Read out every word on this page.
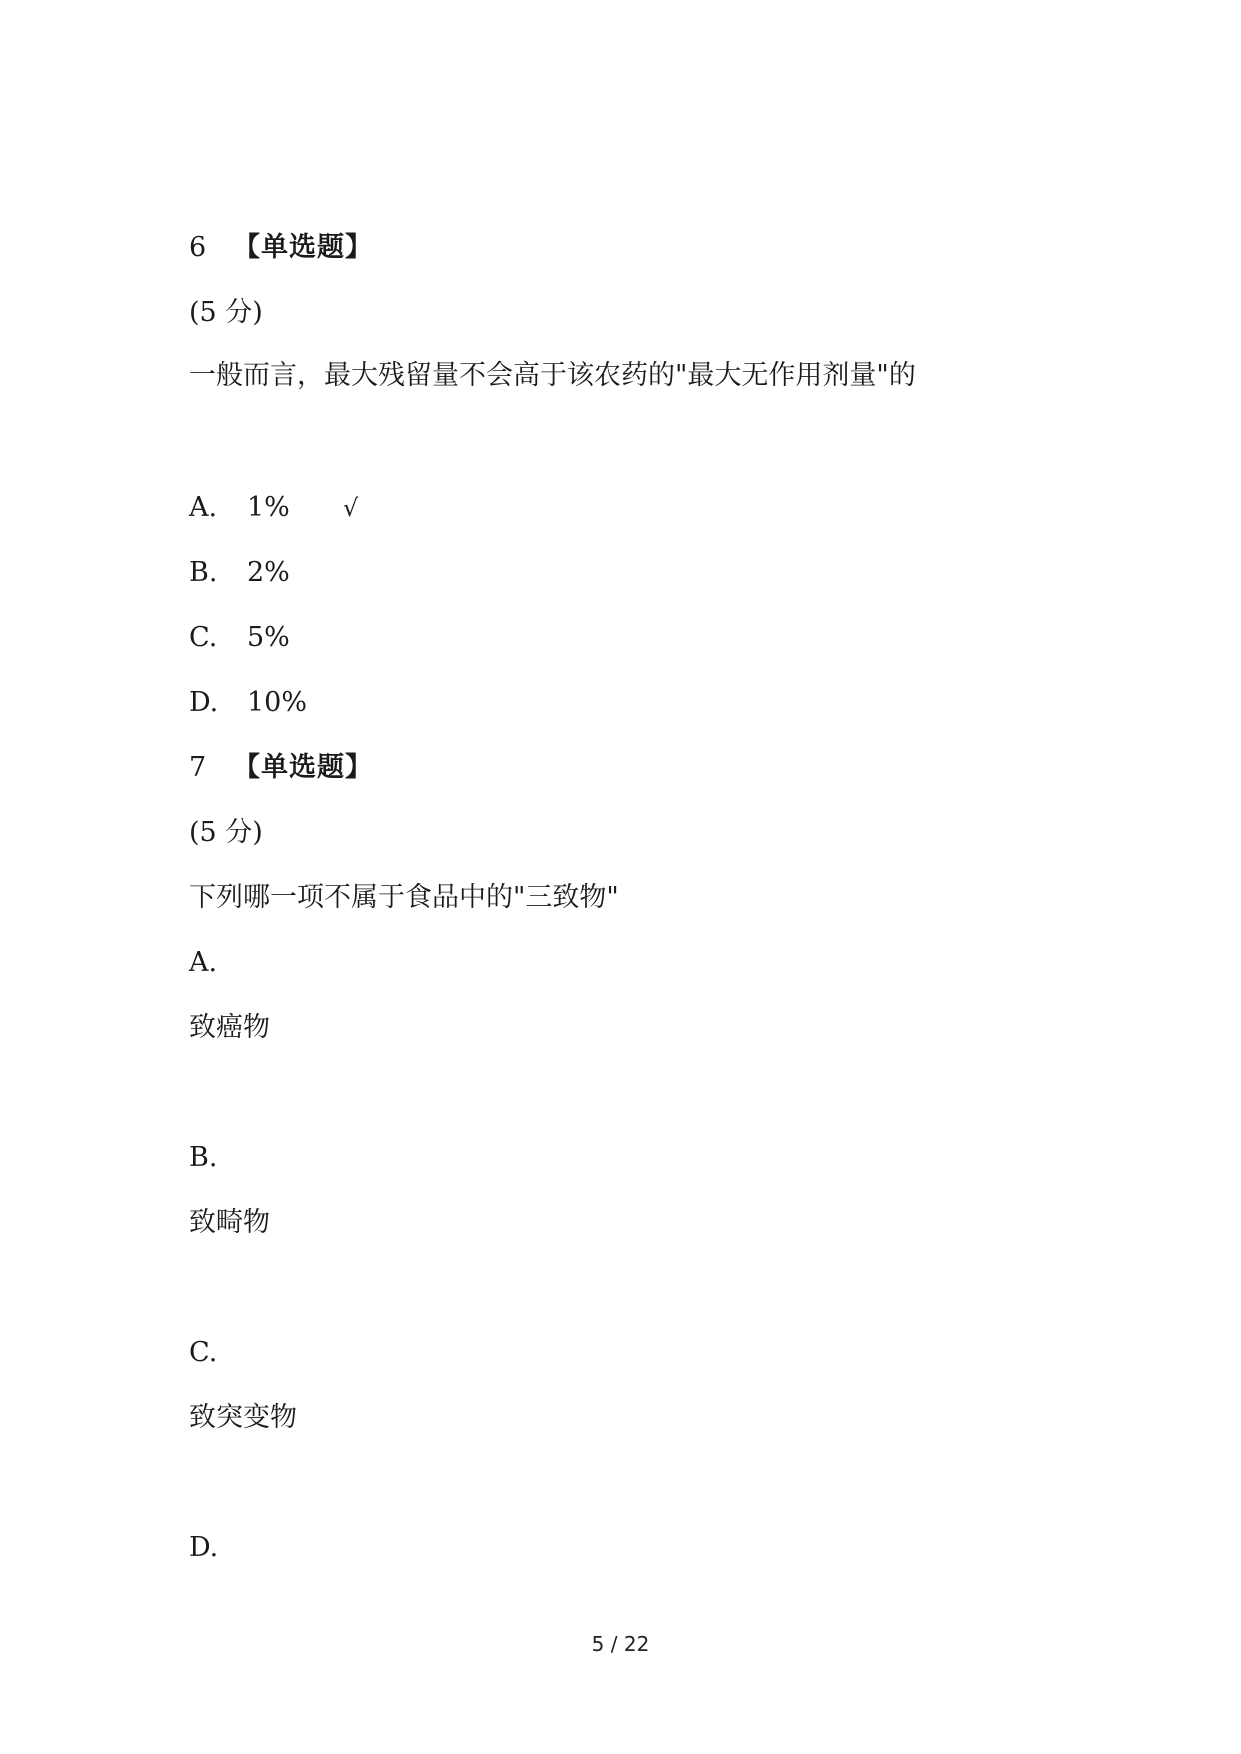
6 【单选题】
(5 分)
一般而言，最大残留量不会高于该农药的"最大无作用剂量"的
A. 1% √
B. 2%
C. 5%
D. 10%
7 【单选题】
(5 分)
下列哪一项不属于食品中的"三致物"
A.
致癌物
B.
致畸物
C.
致突变物
D.
5 / 22
